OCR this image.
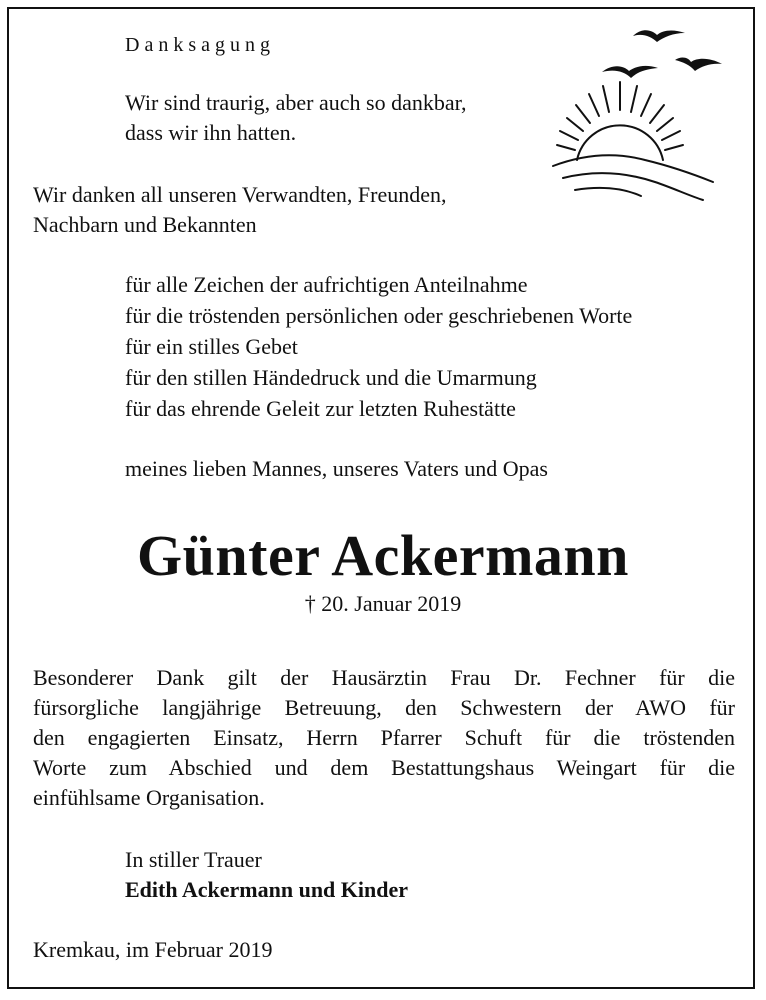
Danksagung

Wir sind traurig, aber auch so dankbar,

dass wir ihn hatten.

Wir danken all unseren Verwandten, Freunden,

Nachbarn und Bekannten

für alle Zeichen der aufrichtigen Anteilnahme

für die tröstenden persönlichen oder geschriebenen Worte

für ein stilles Gebet

für den stillen Händedruck und die Umarmung

für das ehrende Geleit zur letzten Ruhestätte

meines lieben Mannes, unseres Vaters und Opas

Günter Ackermann

† 20. Januar 2019

Besonderer Dank gilt der Hausärztin Frau Dr. Fechner für die
fürsorgliche langjährige Betreuung, den Schwestern der AWO für
den engagierten Einsatz, Herrn Pfarrer Schuft für die tröstenden
Worte zum Abschied und dem Bestattungshaus Weingart für die
einfühlsame Organisation.

In stiller Trauer

Edith Ackermann und Kinder

Kremkau, im Februar 2019
